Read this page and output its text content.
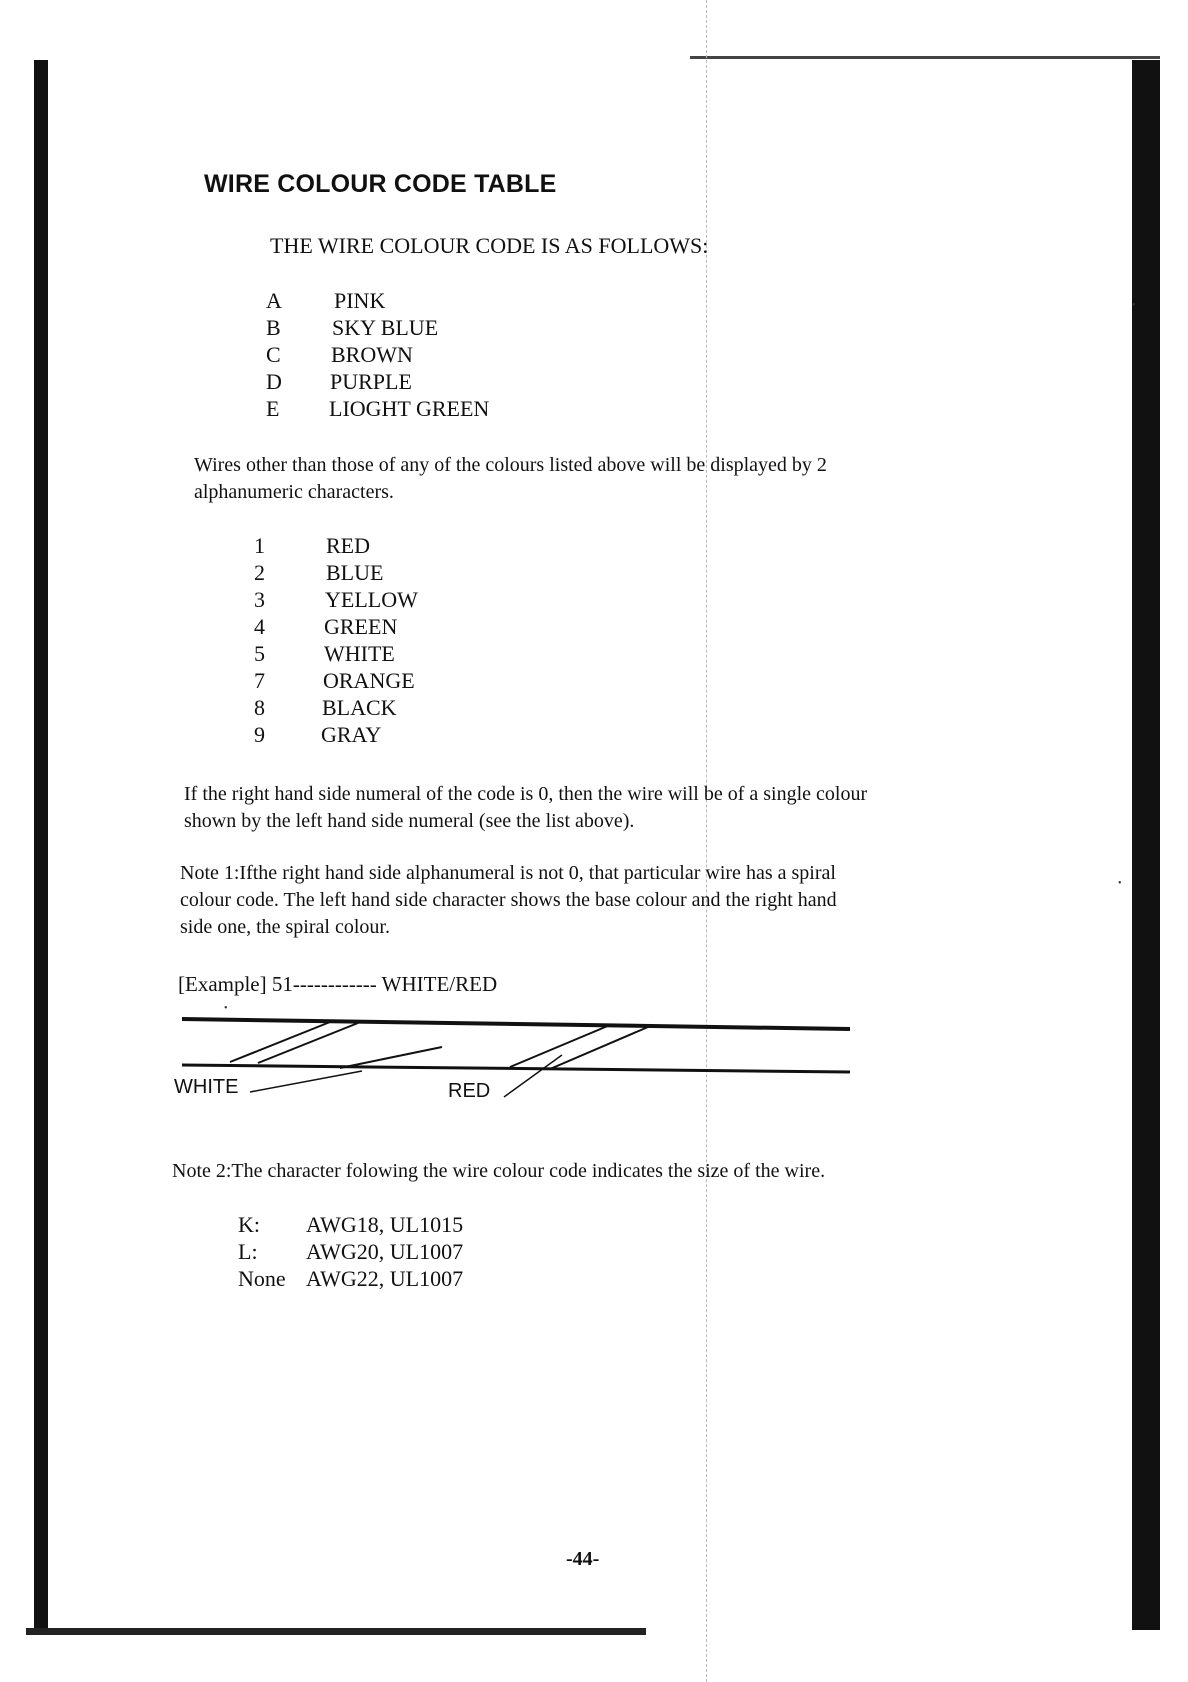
WIRE COLOUR CODE TABLE
THE WIRE COLOUR CODE IS AS FOLLOWS:
A PINK
B SKY BLUE
C BROWN
D PURPLE
E LIOGHT GREEN
Wires other than those of any of the colours listed above will be displayed by 2
alphanumeric characters.
1	RED
2	BLUE
3	YELLOW
4	GREEN
5	WHITE
7	ORANGE
8	BLACK
9	GRAY
If the right hand side numeral of the code is 0, then the wire will be of a single colour
shown by the left hand side numeral (see the list above).
Note 1:Ifthe right hand side alphanumeral is not 0, that particular wire has a spiral
colour code. The left hand side character shows the base colour and the right hand
side one, the spiral colour.
[Example] 51------------ WHITE/RED
WHITE	RED
Note 2:The character folowing the wire colour code indicates the size of the wire.
K: AWG18, UL1015
L: AWG20, UL1007
None AWG22, UL1007
-44-
•
•
•
